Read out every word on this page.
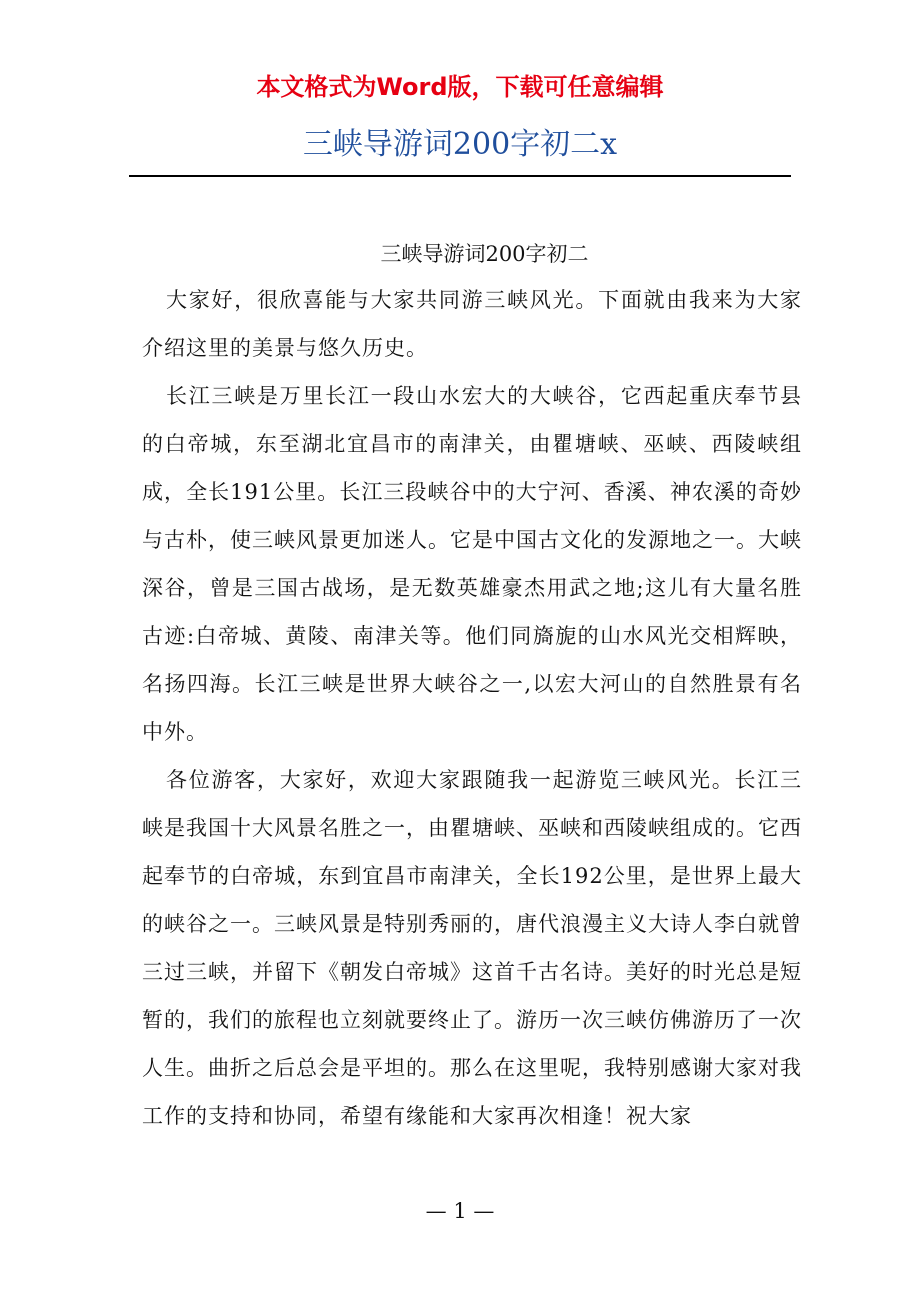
本文格式为Word版，下载可任意编辑
三峡导游词200字初二x
三峡导游词200字初二

大家好，很欣喜能与大家共同游三峡风光。下面就由我来为大家介绍这里的美景与悠久历史。

长江三峡是万里长江一段山水宏大的大峡谷，它西起重庆奉节县的白帝城，东至湖北宜昌市的南津关，由瞿塘峡、巫峡、西陵峡组成，全长191公里。长江三段峡谷中的大宁河、香溪、神农溪的奇妙与古朴，使三峡风景更加迷人。它是中国古文化的发源地之一。大峡深谷，曾是三国古战场，是无数英雄豪杰用武之地;这儿有大量名胜古迹:白帝城、黄陵、南津关等。他们同旖旎的山水风光交相辉映，名扬四海。长江三峡是世界大峡谷之一,以宏大河山的自然胜景有名中外。

各位游客，大家好，欢迎大家跟随我一起游览三峡风光。长江三峡是我国十大风景名胜之一，由瞿塘峡、巫峡和西陵峡组成的。它西起奉节的白帝城，东到宜昌市南津关，全长192公里，是世界上最大的峡谷之一。三峡风景是特别秀丽的，唐代浪漫主义大诗人李白就曾三过三峡，并留下《朝发白帝城》这首千古名诗。美好的时光总是短暂的，我们的旅程也立刻就要终止了。游历一次三峡仿佛游历了一次人生。曲折之后总会是平坦的。那么在这里呢，我特别感谢大家对我工作的支持和协同，希望有缘能和大家再次相逢！祝大家

— 1 —
